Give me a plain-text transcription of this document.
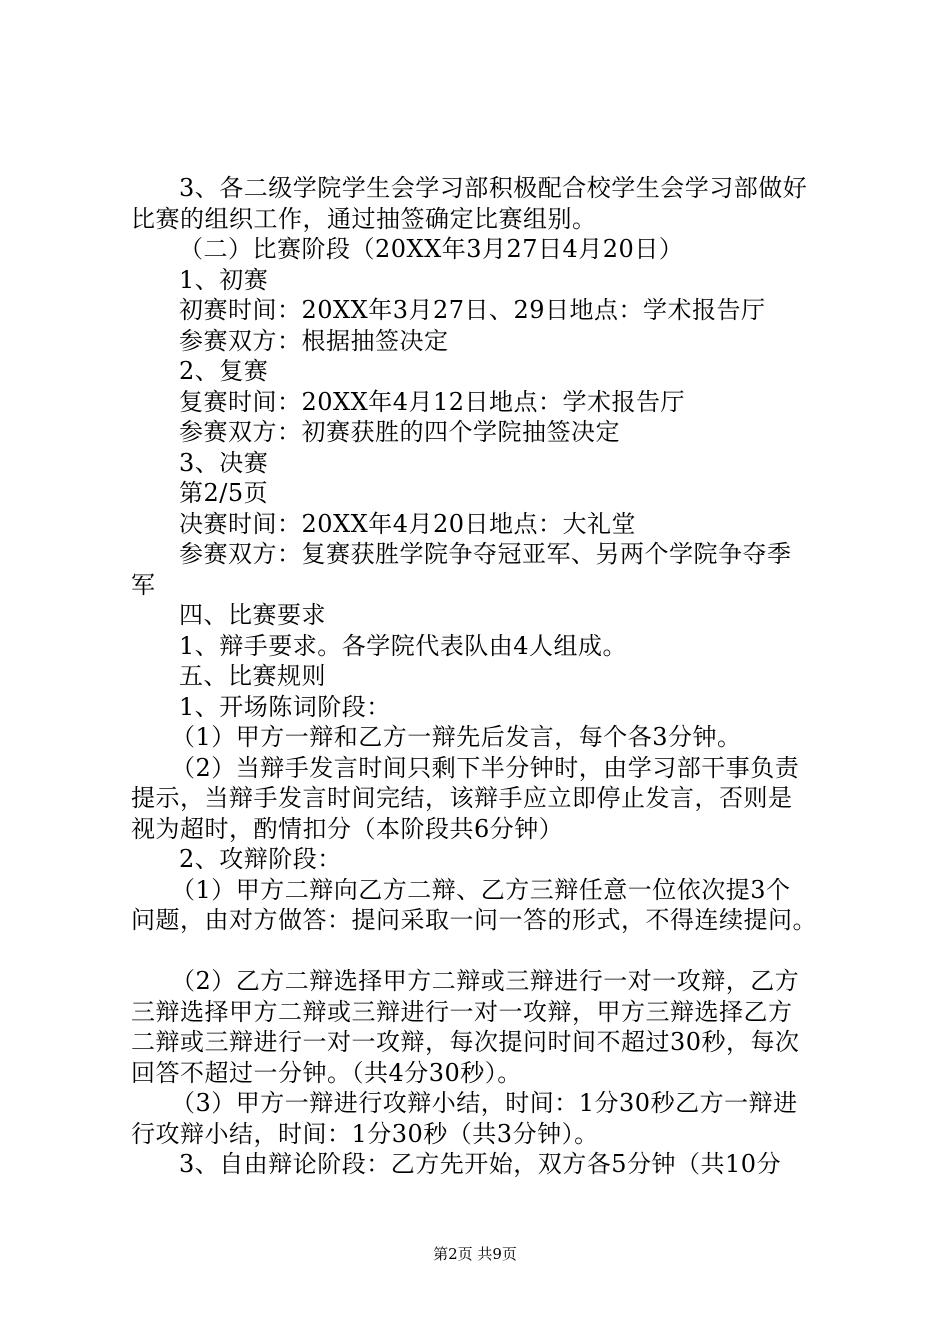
3、各二级学院学生会学习部积极配合校学生会学习部做好
比赛的组织工作，通过抽签确定比赛组别。
（二）比赛阶段（20XX年3月27日4月20日）
1、初赛
初赛时间：20XX年3月27日、29日地点：学术报告厅
参赛双方：根据抽签决定
2、复赛
复赛时间：20XX年4月12日地点：学术报告厅
参赛双方：初赛获胜的四个学院抽签决定
3、决赛
第2/5页
决赛时间：20XX年4月20日地点：大礼堂
参赛双方：复赛获胜学院争夺冠亚军、另两个学院争夺季
军
四、比赛要求
1、辩手要求。各学院代表队由4人组成。
五、比赛规则
1、开场陈词阶段：
（1）甲方一辩和乙方一辩先后发言，每个各3分钟。
（2）当辩手发言时间只剩下半分钟时，由学习部干事负责
提示，当辩手发言时间完结，该辩手应立即停止发言，否则是
视为超时，酌情扣分（本阶段共6分钟）
2、攻辩阶段：
（1）甲方二辩向乙方二辩、乙方三辩任意一位依次提3个
问题，由对方做答：提问采取一问一答的形式，不得连续提问。
（2）乙方二辩选择甲方二辩或三辩进行一对一攻辩，乙方
三辩选择甲方二辩或三辩进行一对一攻辩，甲方三辩选择乙方
二辩或三辩进行一对一攻辩，每次提问时间不超过30秒，每次
回答不超过一分钟。（共4分30秒）。
（3）甲方一辩进行攻辩小结，时间：1分30秒乙方一辩进
行攻辩小结，时间：1分30秒（共3分钟）。
3、自由辩论阶段：乙方先开始，双方各5分钟（共10分
第2页 共9页
